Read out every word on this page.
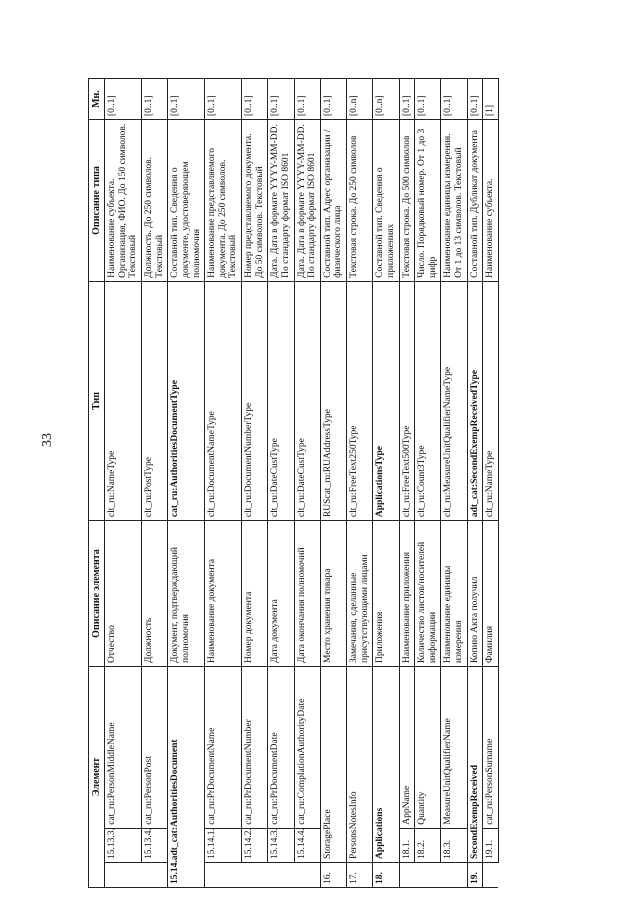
33
Элемент			Описание элемента	Тип	Описание типа	Мн.
	15.13.3.	cat_ru:PersonMiddleName	Отчество	clt_ru:NameType	Наименование субъекта. Организация, ФИО. До 150 символов. Текстовый	[0..1]
	15.13.4.	cat_ru:PersonPost	Должность	clt_ru:PostType	Должность. До 250 символов. Текстовый	[0..1]
15.14.adt_cat:AuthoritiesDocument			Документ, подтверждающий полномочия	cat_ru:AuthoritiesDocumentType	Составной тип. Сведения о документе, удостоверяющем полномочия	[0..1]
	15.14.1.	cat_ru:PrDocumentName	Наименование документа	clt_ru:DocumentNameType	Наименование представляемого документа. До 250 символов. Текстовый	[0..1]
	15.14.2.	cat_ru:PrDocumentNumber	Номер документа	clt_ru:DocumentNumberType	Номер представляемого документа. До 50 символов. Текстовый	[0..1]
	15.14.3.	cat_ru:PrDocumentDate	Дата документа	clt_ru:DateCustType	Дата. Дата в формате YYYY-MM-DD. По стандарту формат ISO 8601	[0..1]
	15.14.4.	cat_ru:ComplationAuthorityDate	Дата окончания полномочий	clt_ru:DateCustType	Дата. Дата в формате YYYY-MM-DD. По стандарту формат ISO 8601	[0..1]
16.	StoragePlace		Место хранения товара	RUScat_ru:RUAddressType	Составной тип. Адрес организации / физического лица	[0..1]
17.	PersonsNotesInfo		Замечания, сделанные присутствующими лицами	clt_ru:FreeText250Type	Текстовая строка. До 250 символов	[0..n]
18.	Applications		Приложения	ApplicationsType	Составной тип. Сведения о приложениях	[0..n]
	18.1.	AppName	Наименование приложения	clt_ru:FreeText500Type	Текстовая строка. До 500 символов	[0..1]
	18.2.	Quantity	Количество листов/носителей информации	clt_ru:Count3Type	Число. Порядковый номер. От 1 до 3 цифр	[0..1]
	18.3.	MeasureUnitQualifierName	Наименование единицы измерения	clt_ru:MeasureUnitQualifierNameType	Наименование единицы измерения. От 1 до 13 символов. Текстовый	[0..1]
19.	SecondExempReceived		Копию Акта получил	adt_cat:SecondExempReceivedType	Составной тип. Дубликат документа	[0..1]
	19.1.	cat_ru:PersonSurname	Фамилия	clt_ru:NameType	Наименование субъекта.	[1]
